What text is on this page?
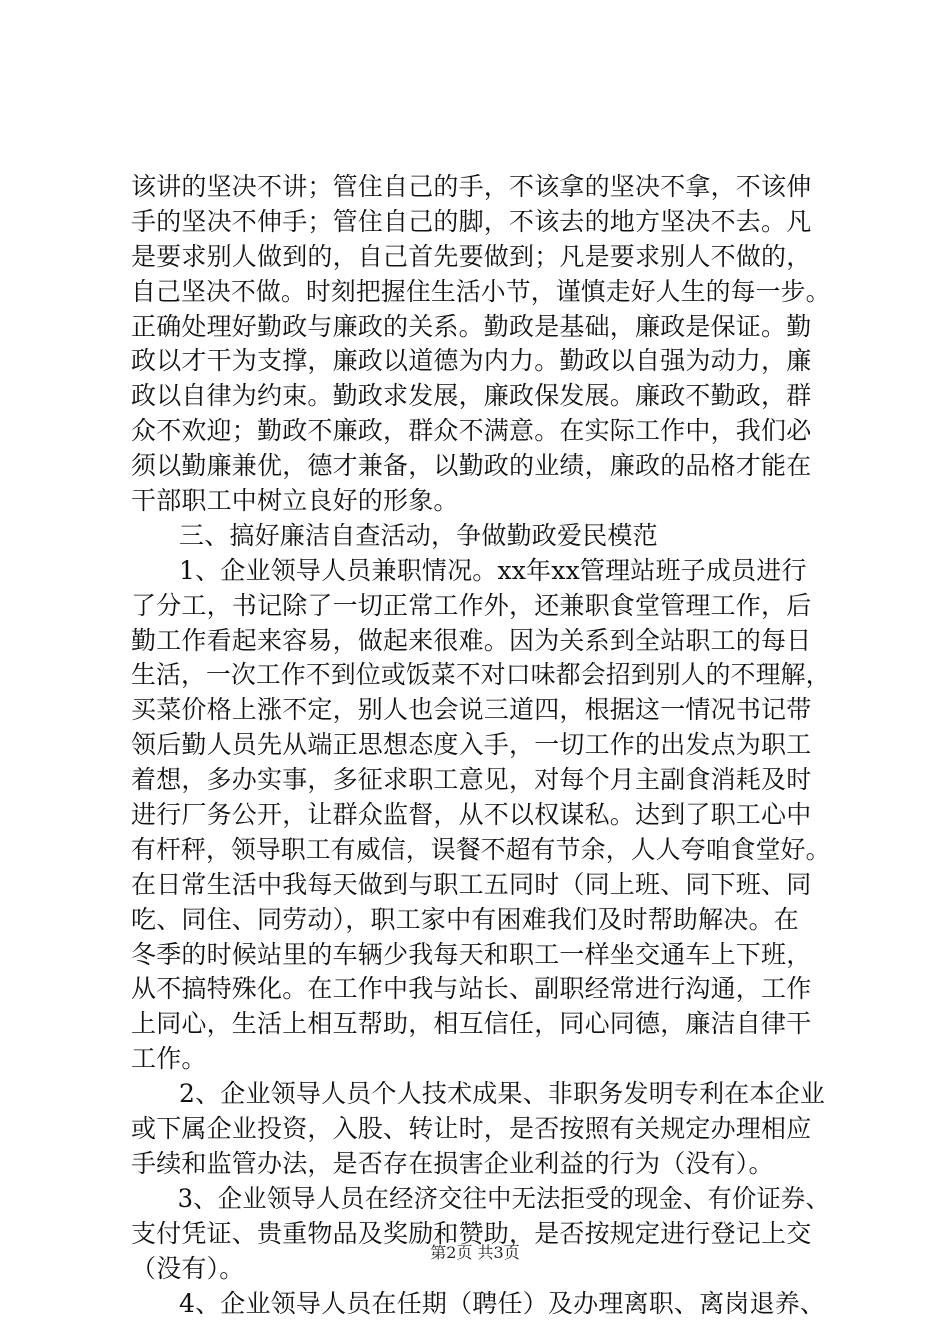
该讲的坚决不讲；管住自己的手，不该拿的坚决不拿，不该伸
手的坚决不伸手；管住自己的脚，不该去的地方坚决不去。凡
是要求别人做到的，自己首先要做到；凡是要求别人不做的，
自己坚决不做。时刻把握住生活小节，谨慎走好人生的每一步。
正确处理好勤政与廉政的关系。勤政是基础，廉政是保证。勤
政以才干为支撑，廉政以道德为内力。勤政以自强为动力，廉
政以自律为约束。勤政求发展，廉政保发展。廉政不勤政，群
众不欢迎；勤政不廉政，群众不满意。在实际工作中，我们必
须以勤廉兼优，德才兼备，以勤政的业绩，廉政的品格才能在
干部职工中树立良好的形象。
三、搞好廉洁自查活动，争做勤政爱民模范
1、企业领导人员兼职情况。xx年xx管理站班子成员进行
了分工，书记除了一切正常工作外，还兼职食堂管理工作，后
勤工作看起来容易，做起来很难。因为关系到全站职工的每日
生活，一次工作不到位或饭菜不对口味都会招到别人的不理解，
买菜价格上涨不定，别人也会说三道四，根据这一情况书记带
领后勤人员先从端正思想态度入手，一切工作的出发点为职工
着想，多办实事，多征求职工意见，对每个月主副食消耗及时
进行厂务公开，让群众监督，从不以权谋私。达到了职工心中
有杆秤，领导职工有威信，误餐不超有节余，人人夸咱食堂好。
在日常生活中我每天做到与职工五同时（同上班、同下班、同
吃、同住、同劳动），职工家中有困难我们及时帮助解决。在
冬季的时候站里的车辆少我每天和职工一样坐交通车上下班，
从不搞特殊化。在工作中我与站长、副职经常进行沟通，工作
上同心，生活上相互帮助，相互信任，同心同德，廉洁自律干
工作。
2、企业领导人员个人技术成果、非职务发明专利在本企业
或下属企业投资，入股、转让时，是否按照有关规定办理相应
手续和监管办法，是否存在损害企业利益的行为（没有）。
3、企业领导人员在经济交往中无法拒受的现金、有价证券、
支付凭证、贵重物品及奖励和赞助，是否按规定进行登记上交
（没有）。
4、企业领导人员在任期（聘任）及办理离职、离岗退养、
第2页 共3页
